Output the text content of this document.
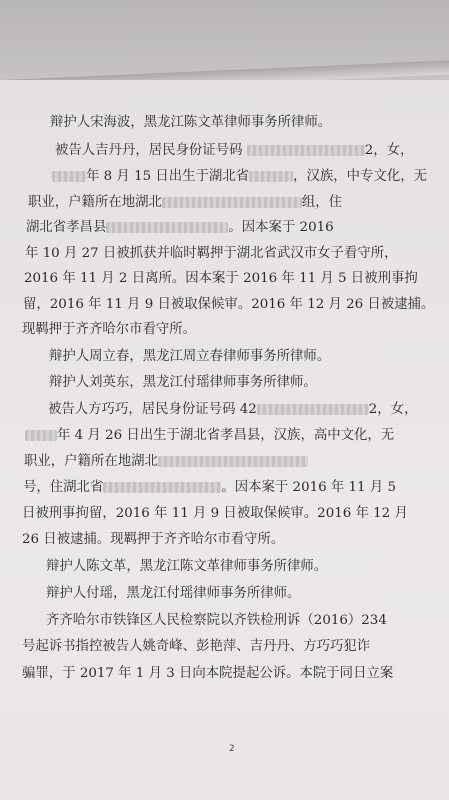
辩护人宋海波，黑龙江陈文革律师事务所律师。
被告人吉丹丹，居民身份证号码	2，女，
年 8 月 15 日出生于湖北省	，汉族，中专文化，无
职业，户籍所在地湖北	组，住
湖北省孝昌县	。因本案于 2016
年 10 月 27 日被抓获并临时羁押于湖北省武汉市女子看守所，
2016 年 11 月 2 日离所。因本案于 2016 年 11 月 5 日被刑事拘
留，2016 年 11 月 9 日被取保候审。2016 年 12 月 26 日被逮捕。
现羁押于齐齐哈尔市看守所。
辩护人周立春，黑龙江周立春律师事务所律师。
辩护人刘英东，黑龙江付瑶律师事务所律师。
被告人方巧巧，居民身份证号码 42	2，女，
年 4 月 26 日出生于湖北省孝昌县，汉族，高中文化，无
职业，户籍所在地湖北
号，住湖北省	。因本案于 2016 年 11 月 5
日被刑事拘留，2016 年 11 月 9 日被取保候审。2016 年 12 月
26 日被逮捕。现羁押于齐齐哈尔市看守所。
辩护人陈文革，黑龙江陈文革律师事务所律师。
辩护人付瑶，黑龙江付瑶律师事务所律师。
齐齐哈尔市铁锋区人民检察院以齐铁检刑诉（2016）234
号起诉书指控被告人姚奇峰、彭艳萍、吉丹丹、方巧巧犯诈
骗罪，于 2017 年 1 月 3 日向本院提起公诉。本院于同日立案
2
